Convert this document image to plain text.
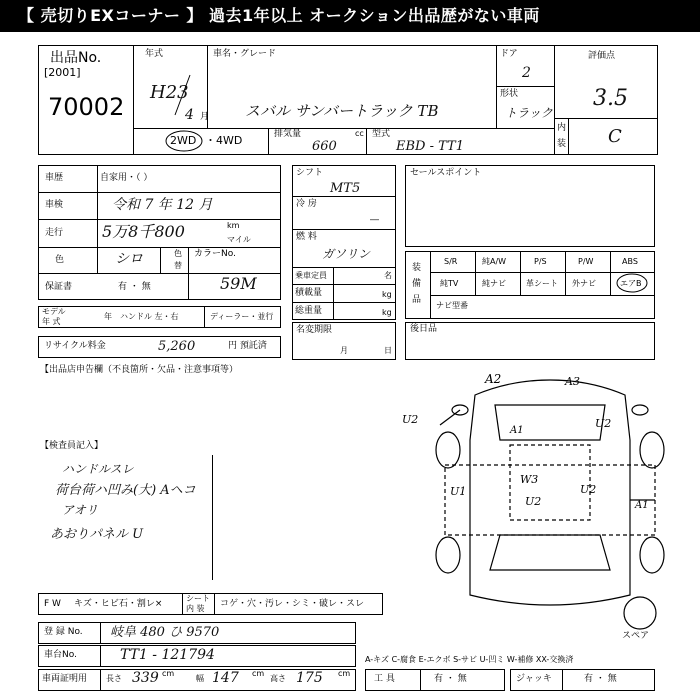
【 売切りEXコーナー 】 過去1年以上 オークション出品歴がない車両
出品No.
[2001]
70002
年式
H23
4 月
車名・グレード
スバル サンバートラック TB
ドア
2
形状
トラック
評価点
3.5
内
装 C
2WD ・4WD	排気量	cc
660
型式
EBD - TT1
車歴	自家用・（ ）
車検	令和 7 年 12 月
走行 5万8千800	km
マイル
色	シロ	色
替
カラーNo.
59M
保証書	有 ・ 無
モデル
年 式
年 ハンドル 左・右	ディーラー・並行
リサイクル料金	5,260	円 預託済
【出品店申告欄（不良箇所・欠品・注意事項等）
【検査員記入】
ハンドルスレ
荷台荷ハ凹み(大) Aヘコ
アオリ
あおりパネル U
シフト
MT5
冷 房
―
燃 料
ガソリン
乗車定員	名
積載量	kg
総重量	kg
名変期限
月	日
セールスポイント
装
備
品
S/R	純A/W	P/S	P/W	ABS
純TV	純ナビ	革シート 外ナビ	エアB
ナビ型番
後日品
A2	A3
U2
A1
U2
U1
W3
U2
U2
A1
スペア
F W キズ・ヒビ石・割レ×
シート
内 装 コゲ・穴・汚レ・シミ・破レ・スレ
登 録 No. 岐阜 480 ひ 9570
車台No.	TT1 - 121794
車両証明用 長さ 339 cm
幅 147 cm
高さ 175 cm
A-キズ C-腐食 E-エクボ S-サビ U-凹ミ W-補修 XX-交換済
工 具	有 ・ 無	ジャッキ	有 ・ 無
